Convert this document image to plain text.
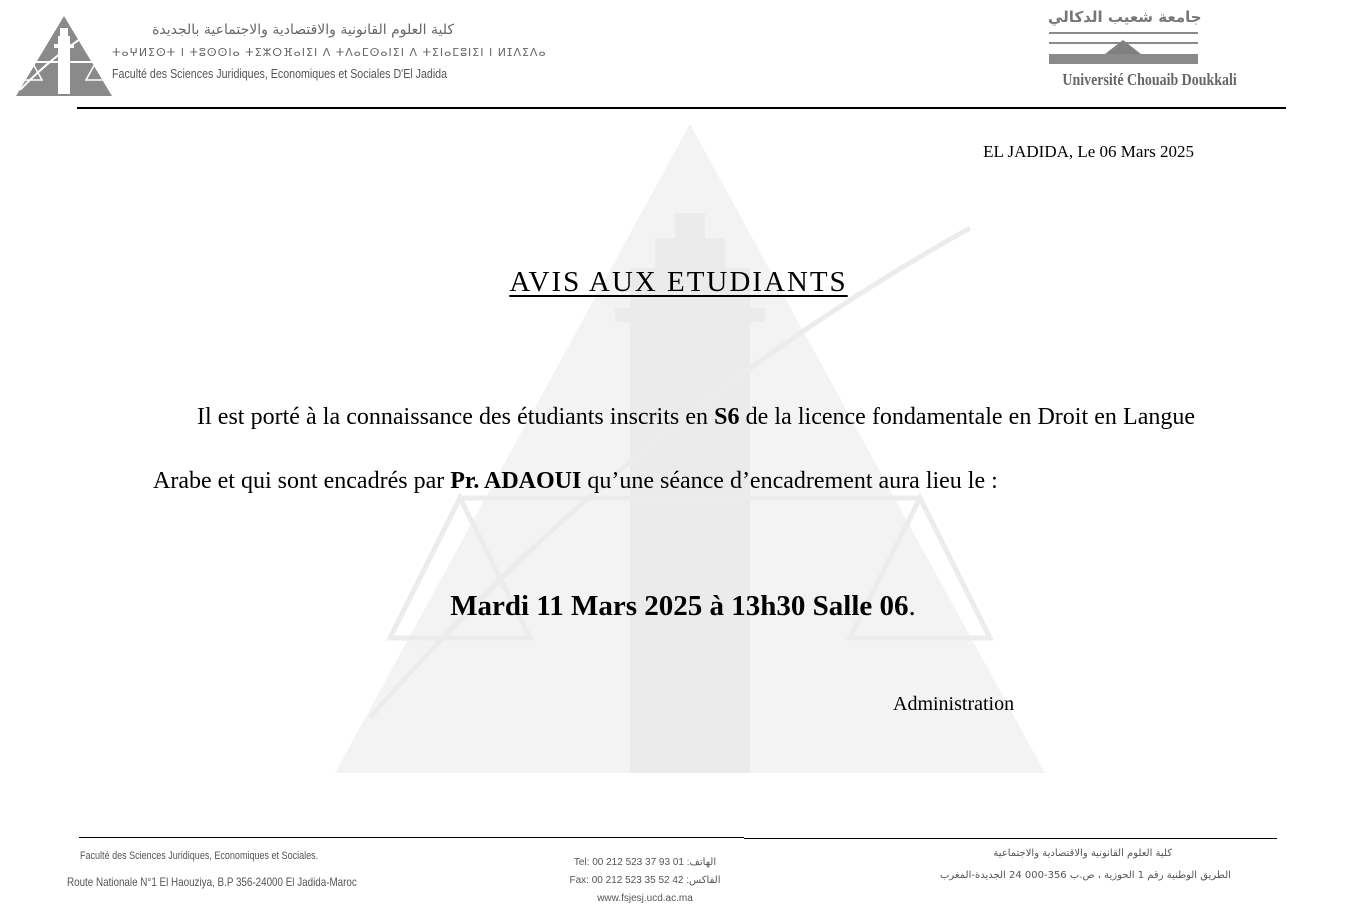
كلية العلوم القانونية والاقتصادية والاجتماعية بالجديدة
ⵜⴰⵖⵍⵉⵙⵜ ⵏ ⵜⵓⵙⵙⵏⴰ ⵜⵉⵣⵔⴼⴰⵏⵉⵏ ⴷ ⵜⴷⴰⵎⵙⴰⵏⵉⵏ ⴷ ⵜⵉⵏⴰⵎⵓⵏⵉⵏ ⵏ ⵍⵊⴷⵉⴷⴰ
Faculté des Sciences Juridiques, Economiques et Sociales D'El Jadida
جامعة شعيب الدكالي
Université Chouaib Doukkali
EL JADIDA, Le 06 Mars 2025
AVIS AUX ETUDIANTS

Il est porté à la connaissance des étudiants inscrits en S6 de la licence fondamentale en Droit en Langue Arabe et qui sont encadrés par Pr. ADAOUI qu’une séance d’encadrement aura lieu le :

Mardi 11 Mars 2025 à 13h30 Salle 06.
Administration
Faculté des Sciences Juridiques, Economiques et Sociales.
Route Nationale N°1 El Haouziya, B.P 356-24000 El Jadida-Maroc
Tel: 00 212 523 37 93 01 :الهاتف
Fax: 00 212 523 35 52 42 :الفاكس
www.fsjesj.ucd.ac.ma
كلية العلوم القانونية والاقتصادية والاجتماعية
الطريق الوطنية رقم 1 الحوزية ، ص.ب 356-000 24 الجديدة-المغرب
